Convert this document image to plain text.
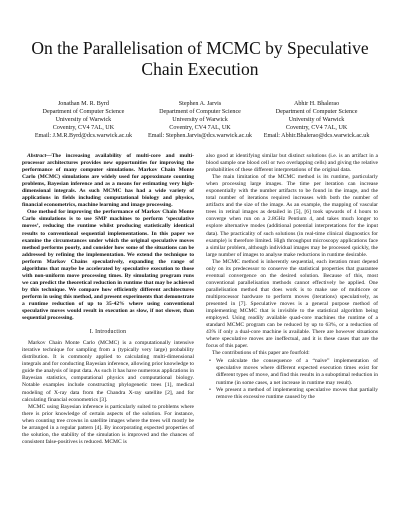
On the Parallelisation of MCMC by Speculative Chain Execution
Jonathan M. R. Byrd
Department of Computer Science
University of Warwick
Coventry, CV4 7AL, UK
Email: J.M.R.Byrd@dcs.warwick.ac.uk
Stephen A. Jarvis
Department of Computer Science
University of Warwick
Coventry, CV4 7AL, UK
Email: Stephen.Jarvis@dcs.warwick.ac.uk
Abhir H. Bhalerao
Department of Computer Science
University of Warwick
Coventry, CV4 7AL, UK
Email: Abhir.Bhalerao@dcs.warwick.ac.uk

Abstract—The increasing availability of multi-core and multi-processor architectures provides new opportunities for improving the performance of many computer simulations. Markov Chain Monte Carlo (MCMC) simulations are widely used for approximate counting problems, Bayesian inference and as a means for estimating very high-dimensional integrals. As such MCMC has had a wide variety of applications in fields including computational biology and physics, financial econometrics, machine learning and image processing.

One method for improving the performance of Markov Chain Monte Carlo simulations is to use SMP machines to perform ‘speculative moves’, reducing the runtime whilst producing statistically identical results to conventional sequential implementations. In this paper we examine the circumstances under which the original speculative moves method performs poorly, and consider how some of the situations can be addressed by refining the implementation. We extend the technique to perform Markov Chains speculatively, expanding the range of algorithms that maybe be accelerated by speculative execution to those with non-uniform move processing times. By simulating program runs we can predict the theoretical reduction in runtime that may be achieved by this technique. We compare how efficiently different architectures perform in using this method, and present experiments that demonstrate a runtime reduction of up to 35-42% where using conventional speculative moves would result in execution as slow, if not slower, than sequential processing.

I. Introduction

Markov Chain Monte Carlo (MCMC) is a computationally intensive iterative technique for sampling from a (typically very large) probability distribution. It is commonly applied to calculating multi-dimensional integrals and for conducting Bayesian inference, allowing prior knowledge to guide the analysis of input data. As such it has have numerous applications in Bayesian statistics, computational physics and computational biology. Notable examples include constructing phylogenetic trees [1], medical modeling of X-ray data from the Chandra X-ray satellite [2], and for calculating financial econometrics [3].

MCMC using Bayesian inference is particularly suited to problems where there is prior knowledge of certain aspects of the solution. For instance, when counting tree crowns in satellite images where the trees will mostly be be arranged in a regular pattern [4]. By incorporating expected properties of the solution, the stability of the simulation is improved and the chances of consistent false-positives is reduced. MCMC is

also good at identifying similar but distinct solutions (i.e. is an artifact in a blood sample one blood cell or two overlapping cells) and giving the relative probabilities of these different interpretations of the original data.

The main limitation of the MCMC method is its runtime, particularly when processing large images. The time per iteration can increase exponentially with the number artifacts to be found in the image, and the total number of iterations required increases with both the number of artifacts and the size of the image. As an example, the mapping of vascular trees in retinal images as detailed in [5], [6] took upwards of 4 hours to converge when run on a 2.8GHz Pentium 4, and takes much longer to explore alternative modes (additional potential interpretations for the input data). The practicality of such solutions (in real-time clinical diagnostics for example) is therefore limited. High throughput microscopy applications face a similar problem, although individual images may be processed quickly, the large number of images to analyse make reductions in runtime desirable.

The MCMC method is inherently sequential, each iteration must depend only on its predecessor to conserve the statistical properties that guarantee eventual convergence on the desired solution. Because of this, most conventional parallelisation methods cannot effectively be applied. One parallelisation method that does work is to make use of multicore or multiprocessor hardware to perform moves (iterations) speculatively, as presented in [7]. Speculative moves is a general purpose method of implementing MCMC that is invisible to the statistical algorithm being employed. Using readily available quad-core machines the runtime of a standard MCMC program can be reduced by up to 63%, or a reduction of 43% if only a dual-core machine is available. There are however situations where speculative moves are ineffectual, and it is these cases that are the focus of this paper.

The contributions of this paper are fourfold:

• We calculate the consequence of a “naive” implementation of speculative moves where different expected execution times exist for different types of move, and find this results in a suboptimal reduction in runtime (in some cases, a net increase in runtime may result).
• We present a method of implementing speculative moves that partially remove this excessive runtime caused by the
